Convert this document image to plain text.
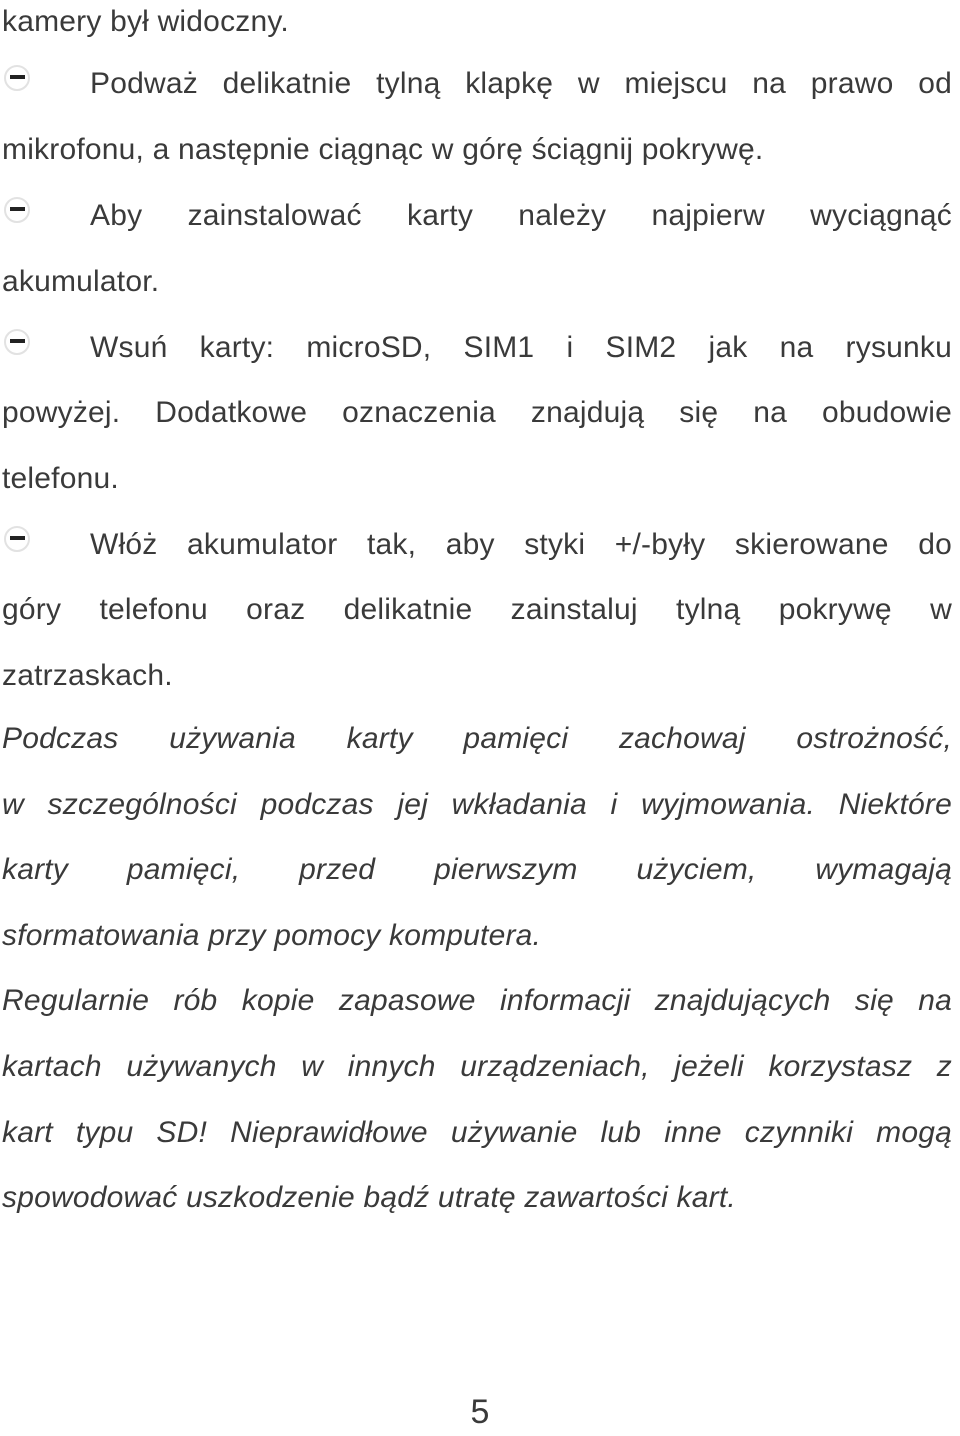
kamery był widoczny.
Podważ delikatnie tylną klapkę w miejscu na prawo od
mikrofonu, a następnie ciągnąc w górę ściągnij pokrywę.
Aby zainstalować karty należy najpierw wyciągnąć
akumulator.
Wsuń karty: microSD, SIM1 i SIM2 jak na rysunku
powyżej. Dodatkowe oznaczenia znajdują się na obudowie
telefonu.
Włóż akumulator tak, aby styki +/-były skierowane do
góry telefonu oraz delikatnie zainstaluj tylną pokrywę w
zatrzaskach.
Podczas używania karty pamięci zachowaj ostrożność,
w szczególności podczas jej wkładania i wyjmowania. Niektóre
karty pamięci, przed pierwszym użyciem, wymagają
sformatowania przy pomocy komputera.
Regularnie rób kopie zapasowe informacji znajdujących się na
kartach używanych w innych urządzeniach, jeżeli korzystasz z
kart typu SD! Nieprawidłowe używanie lub inne czynniki mogą
spowodować uszkodzenie bądź utratę zawartości kart.
5
